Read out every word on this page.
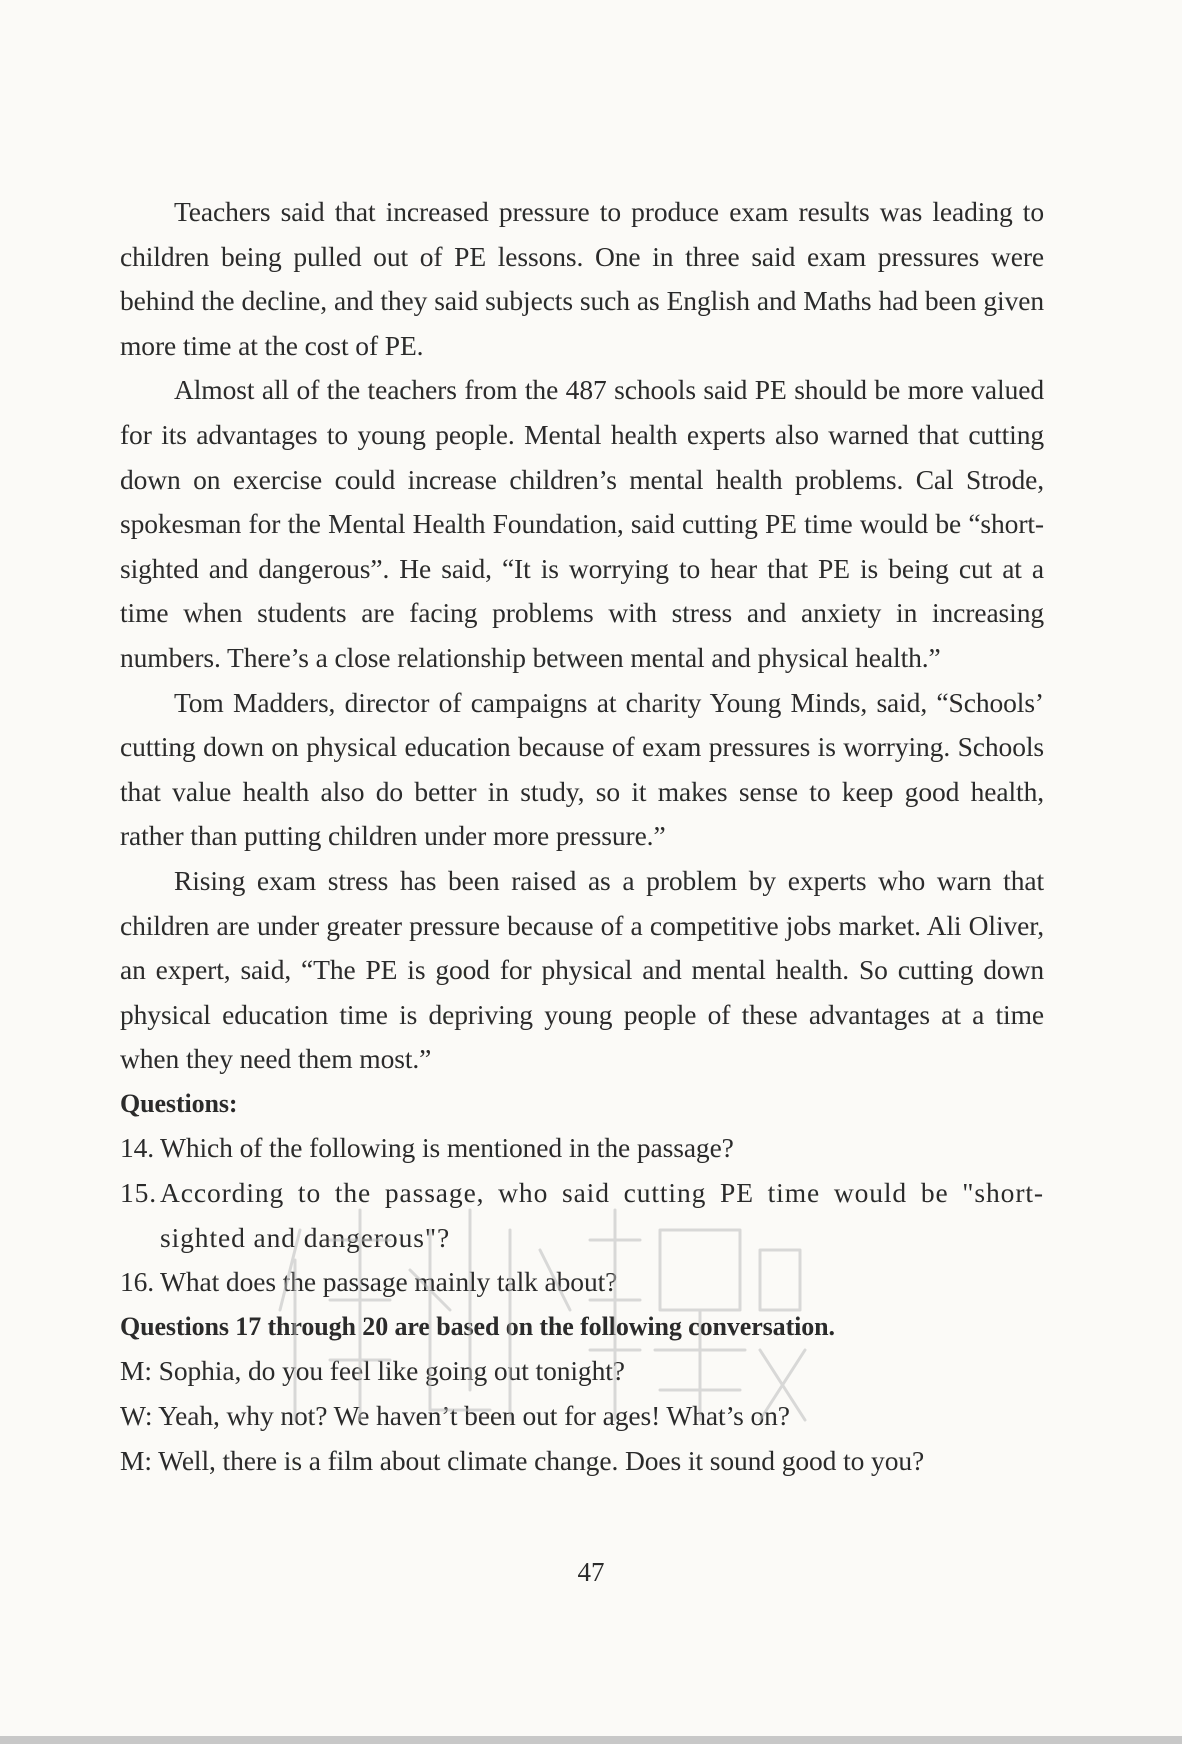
Teachers said that increased pressure to produce exam results was leading to children being pulled out of PE lessons. One in three said exam pressures were behind the decline, and they said subjects such as English and Maths had been given more time at the cost of PE.

Almost all of the teachers from the 487 schools said PE should be more valued for its advantages to young people. Mental health experts also warned that cutting down on exercise could increase children’s mental health problems. Cal Strode, spokesman for the Mental Health Foundation, said cutting PE time would be “short-sighted and dangerous”. He said, “It is worrying to hear that PE is being cut at a time when students are facing problems with stress and anxiety in increasing numbers. There’s a close relationship between mental and physical health.”

Tom Madders, director of campaigns at charity Young Minds, said, “Schools’ cutting down on physical education because of exam pressures is worrying. Schools that value health also do better in study, so it makes sense to keep good health, rather than putting children under more pressure.”

Rising exam stress has been raised as a problem by experts who warn that children are under greater pressure because of a competitive jobs market. Ali Oliver, an expert, said, “The PE is good for physical and mental health. So cutting down physical education time is depriving young people of these advantages at a time when they need them most.”

Questions:

14. Which of the following is mentioned in the passage?
15. According to the passage, who said cutting PE time would be "short-sighted and dangerous"?
16. What does the passage mainly talk about?

Questions 17 through 20 are based on the following conversation.

M: Sophia, do you feel like going out tonight?
W: Yeah, why not? We haven’t been out for ages! What’s on?
M: Well, there is a film about climate change. Does it sound good to you?
47
